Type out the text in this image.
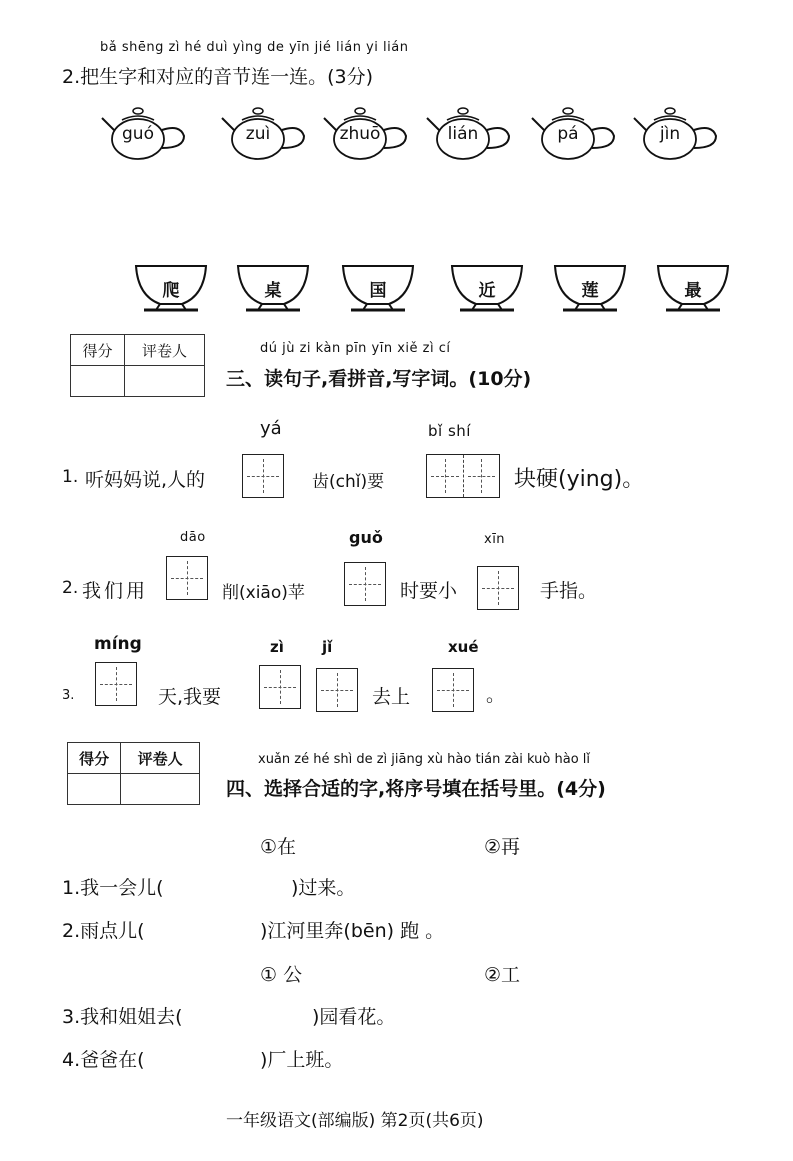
bǎ shēng zì hé duì yìng de yīn jié lián yi lián
2.把生字和对应的音节连一连。(3分)
guó	zuì	zhuō	lián	pá	jìn
爬	桌	国	近	莲	最
得分	评卷人
		dú jù zi kàn pīn yīn xiě zì cí
三、读句子,看拼音,写字词。(10分)
yá	bǐ shí
1. 听妈妈说,人的	齿(chǐ)要	块硬(ying)。
dāo	guǒ	xīn
2. 我们用	削(xiāo)苹	时要小	手指。
míng	zì	jǐ	xué
3.	天,我要	去上	。
得分	评卷人
		xuǎn zé hé shì de zì jiāng xù hào tián zài kuò hào lǐ
四、选择合适的字,将序号填在括号里。(4分)
①在	②再
1.我一会儿(	)过来。
2.雨点儿(	)江河里奔(bēn) 跑 。
① 公	②工
3.我和姐姐去(	)园看花。
4.爸爸在(	)厂上班。
一年级语文(部编版) 第2页(共6页)
